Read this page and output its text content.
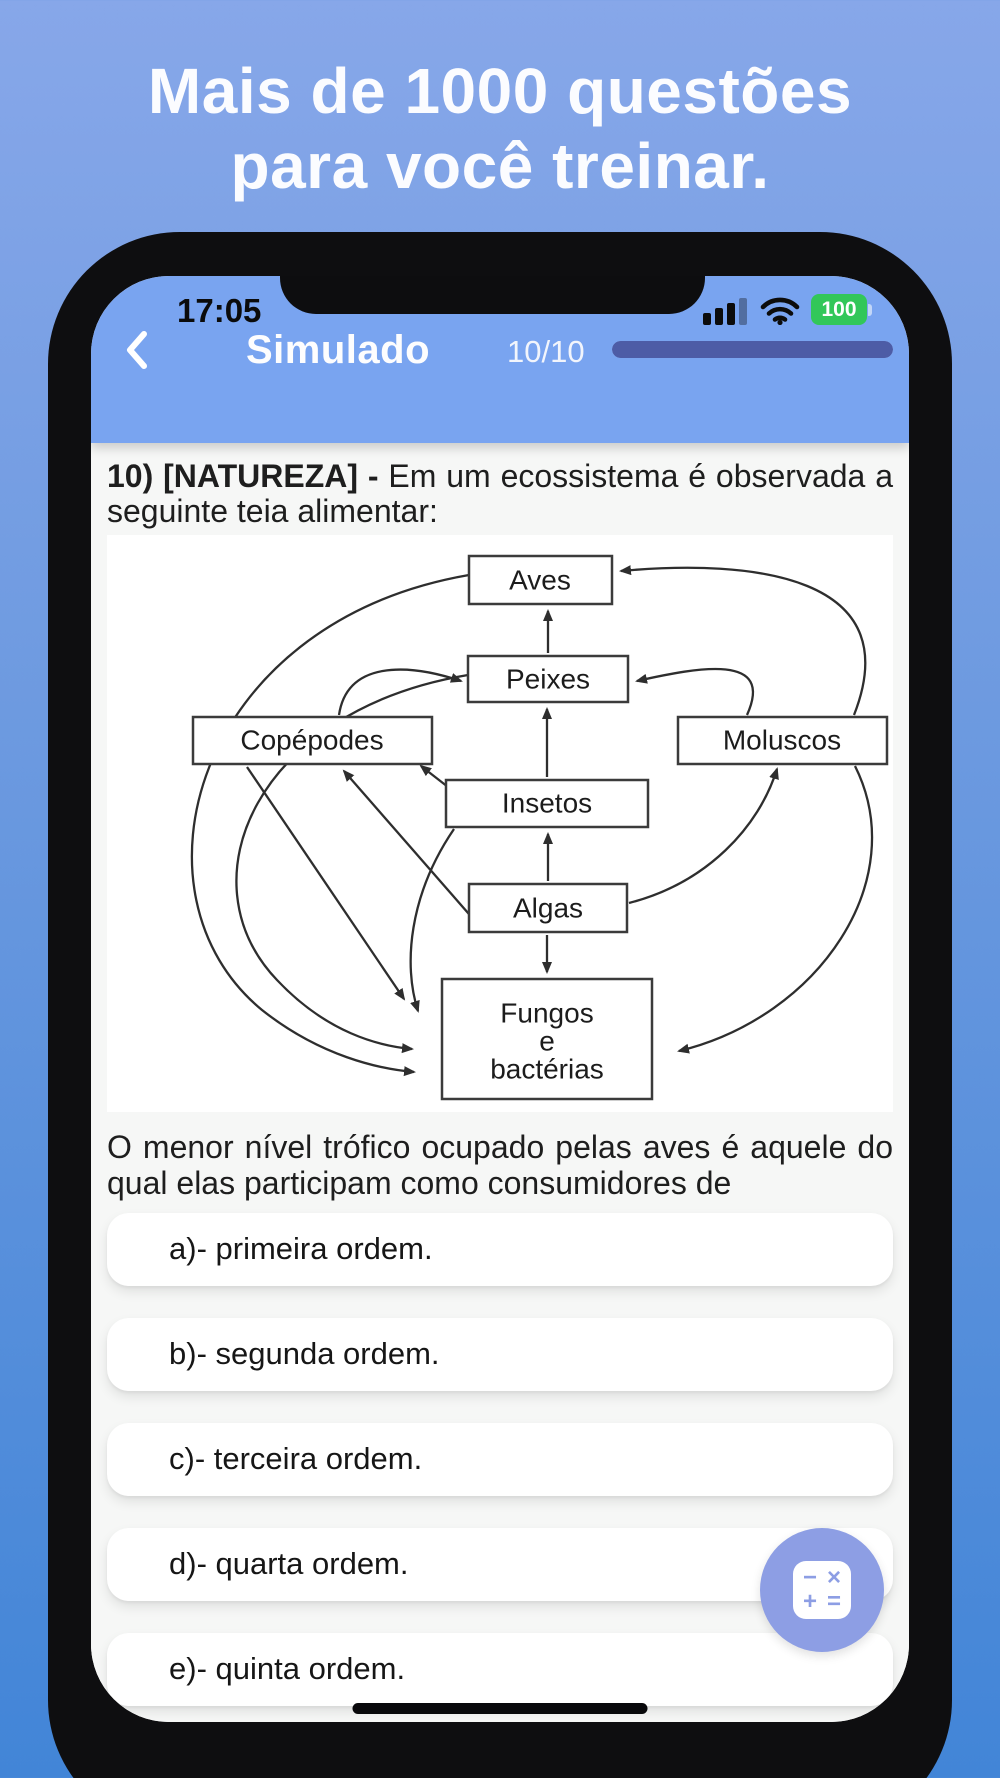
Mais de 1000 questões
para você treinar.
17:05	100
Simulado 10/10

10) [NATUREZA] - Em um ecossistema é observada a seguinte teia alimentar:

Aves
Peixes
Copépodes	Moluscos
Insetos
Algas
Fungos
e
bactérias

O menor nível trófico ocupado pelas aves é aquele do qual elas participam como consumidores de

a)- primeira ordem.
b)- segunda ordem.
c)- terceira ordem.
d)- quarta ordem.
e)- quinta ordem.
− ×
+ =
